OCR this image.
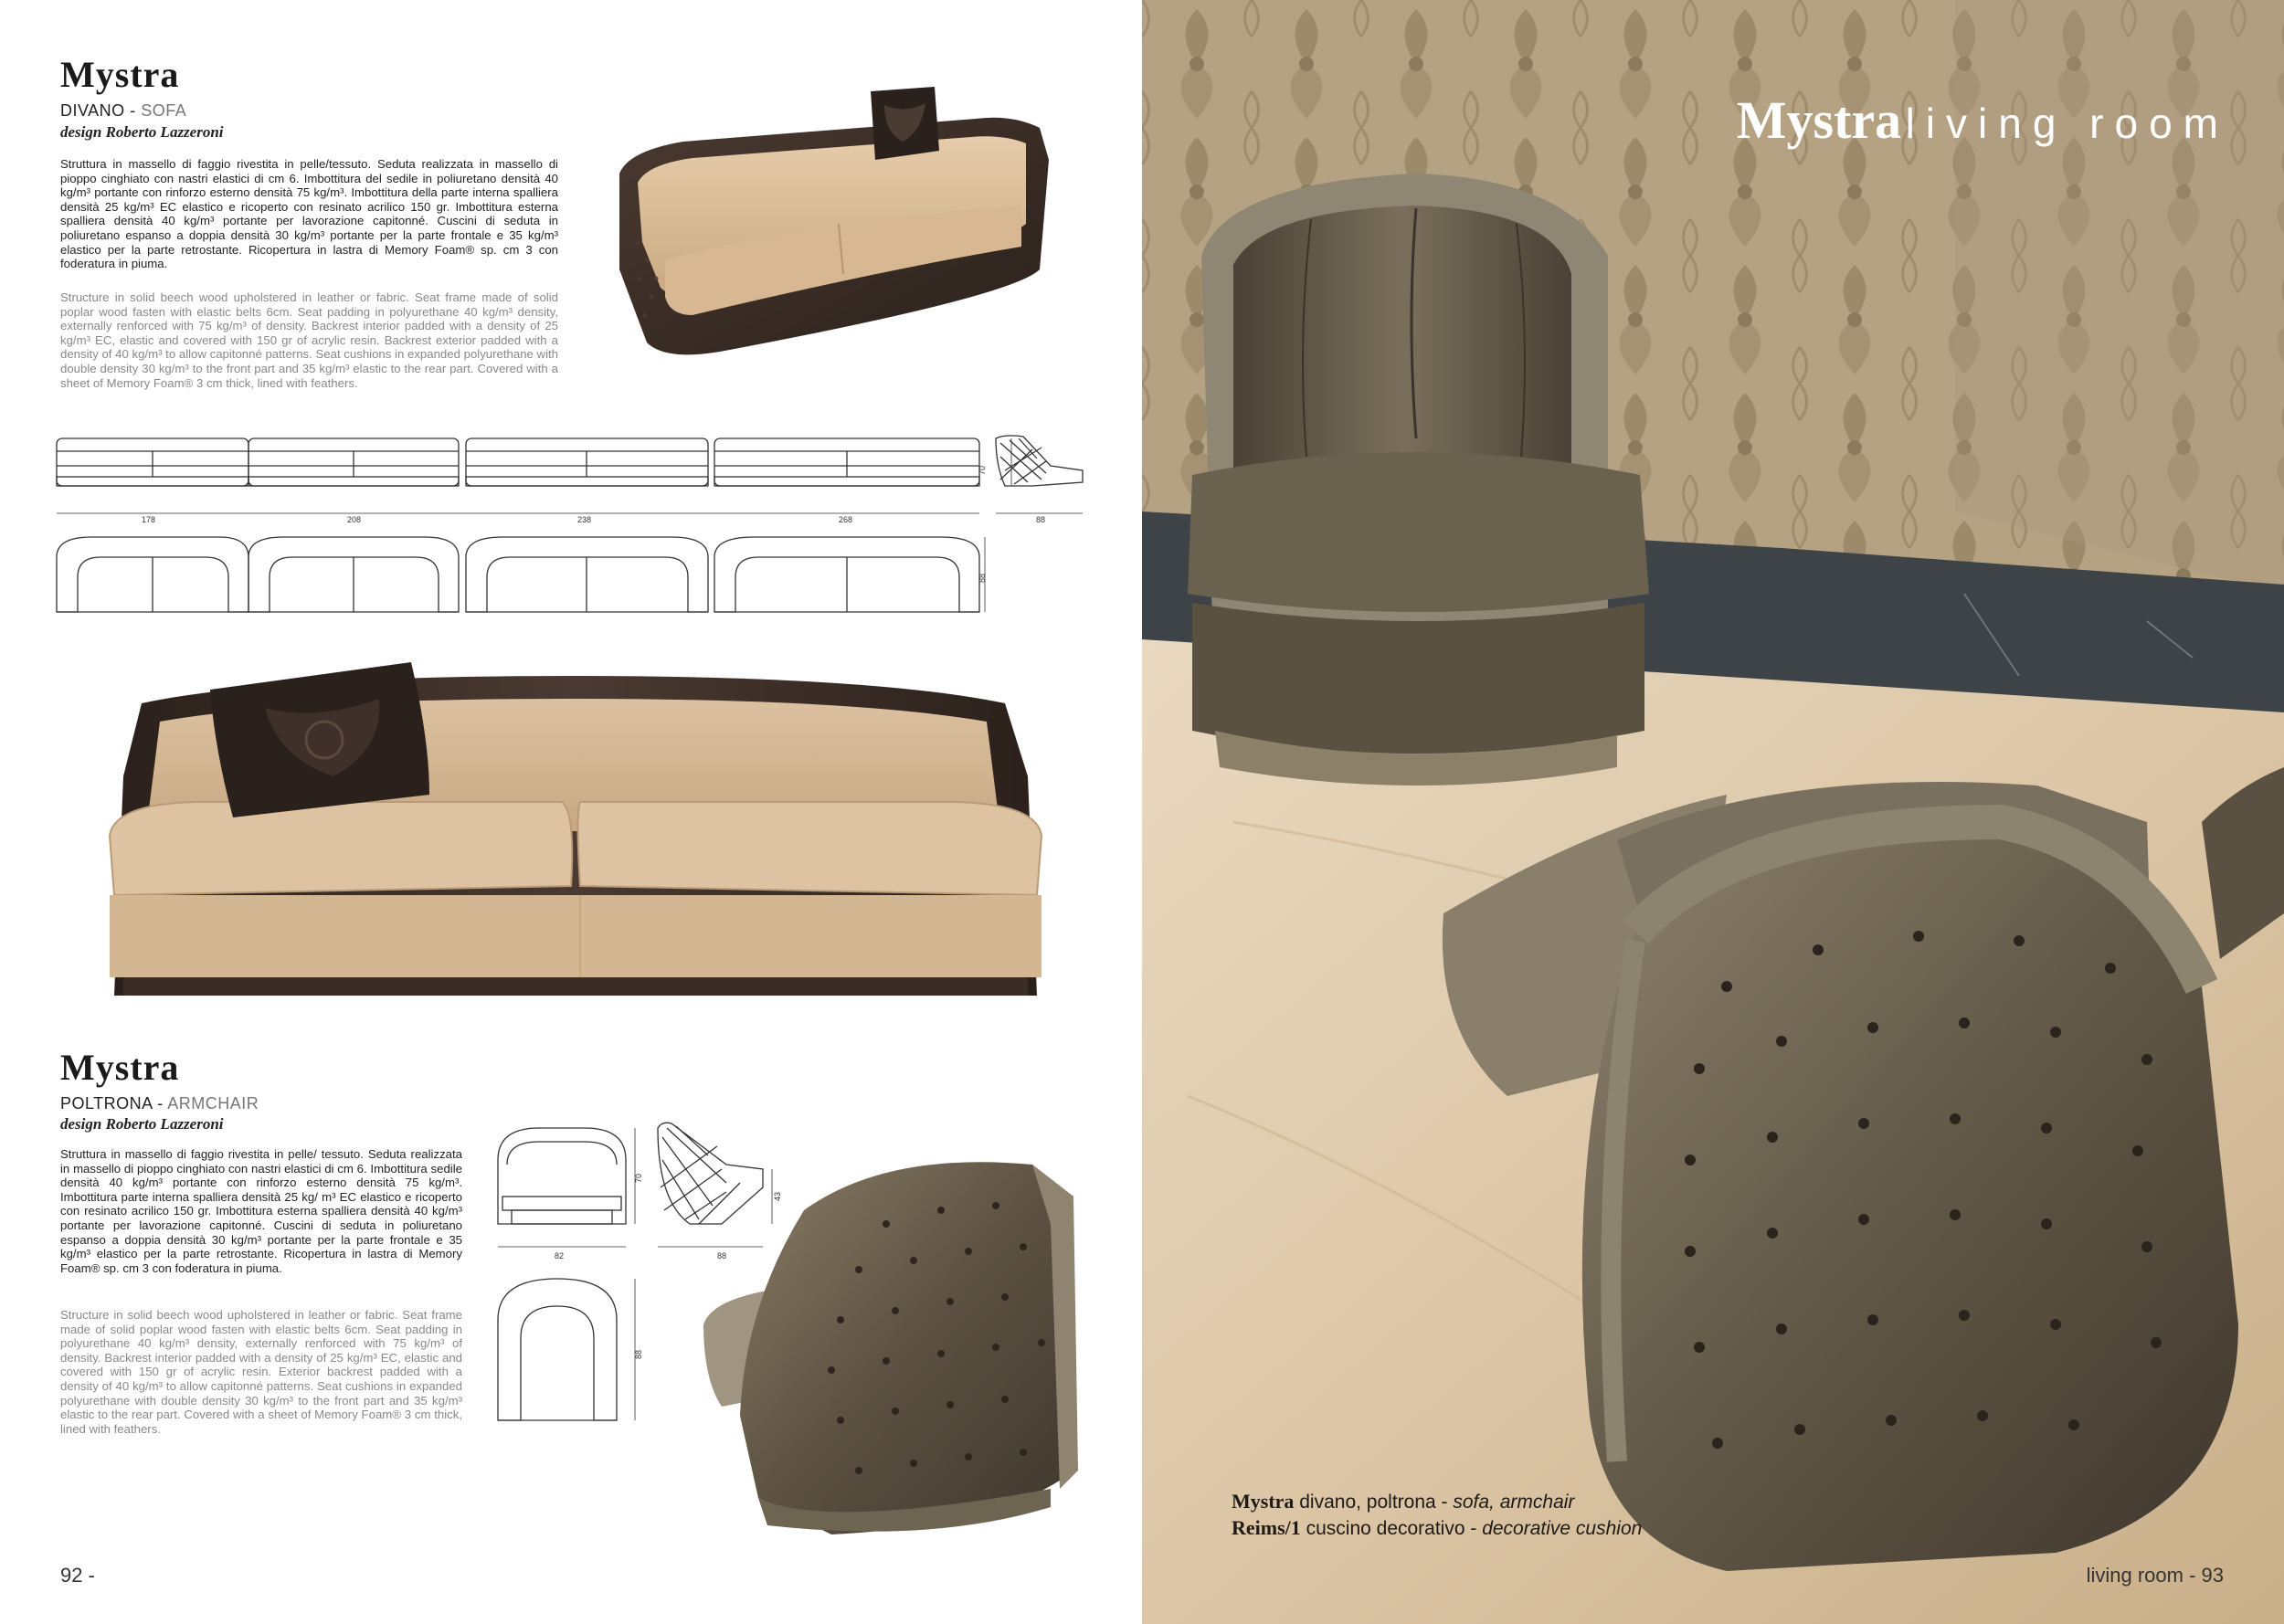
Mystra
DIVANO - SOFA
design Roberto Lazzeroni
Struttura in massello di faggio rivestita in pelle/tessuto. Seduta realizzata in massello di pioppo cinghiato con nastri elastici di cm 6. Imbottitura del sedile in poliuretano densità 40 kg/m³ portante con rinforzo esterno densità 75 kg/m³. Imbottitura della parte interna spalliera densità 25 kg/m³ EC elastico e ricoperto con resinato acrilico 150 gr. Imbottitura esterna spalliera densità 40 kg/m³ portante per lavorazione capitonné. Cuscini di seduta in poliuretano espanso a doppia densità 30 kg/m³ portante per la parte frontale e 35 kg/m³ elastico per la parte retrostante. Ricopertura in lastra di Memory Foam® sp. cm 3 con foderatura in piuma.
Structure in solid beech wood upholstered in leather or fabric. Seat frame made of solid poplar wood fasten with elastic belts 6cm. Seat padding in polyurethane 40 kg/m³ density, externally renforced with 75 kg/m³ of density. Backrest interior padded with a density of 25 kg/m³ EC, elastic and covered with 150 gr of acrylic resin. Backrest exterior padded with a density of 40 kg/m³ to allow capitonné patterns. Seat cushions in expanded polyurethane with double density 30 kg/m³ to the front part and 35 kg/m³ elastic to the rear part. Covered with a sheet of Memory Foam® 3 cm thick, lined with feathers.
178	208	238	268	88
70
88
Mystra
POLTRONA - ARMCHAIR
design Roberto Lazzeroni
Struttura in massello di faggio rivestita in pelle/ tessuto. Seduta realizzata in massello di pioppo cinghiato con nastri elastici di cm 6. Imbottitura sedile densità 40 kg/m³ portante con rinforzo esterno densità 75 kg/m³. Imbottitura parte interna spalliera densità 25 kg/ m³ EC elastico e ricoperto con resinato acrilico 150 gr. Imbottitura esterna spalliera densità 40 kg/m³ portante per lavorazione capitonné. Cuscini di seduta in poliuretano espanso a doppia densità 30 kg/m³ portante per la parte frontale e 35 kg/m³ elastico per la parte retrostante. Ricopertura in lastra di Memory Foam® sp. cm 3 con foderatura in piuma.
Structure in solid beech wood upholstered in leather or fabric. Seat frame made of solid poplar wood fasten with elastic belts 6cm. Seat padding in polyurethane 40 kg/m³ density, externally renforced with 75 kg/m³ of density. Backrest interior padded with a density of 25 kg/m³ EC, elastic and covered with 150 gr of acrylic resin. Exterior backrest padded with a density of 40 kg/m³ to allow capitonné patterns. Seat cushions in expanded polyurethane with double density 30 kg/m³ to the front part and 35 kg/m³ elastic to the rear part. Covered with a sheet of Memory Foam® 3 cm thick, lined with feathers.
82	88
70
43
88
92 -
Mystra living room
Mystra divano, poltrona - sofa, armchair
Reims/1 cuscino decorativo - decorative cushion
living room - 93
